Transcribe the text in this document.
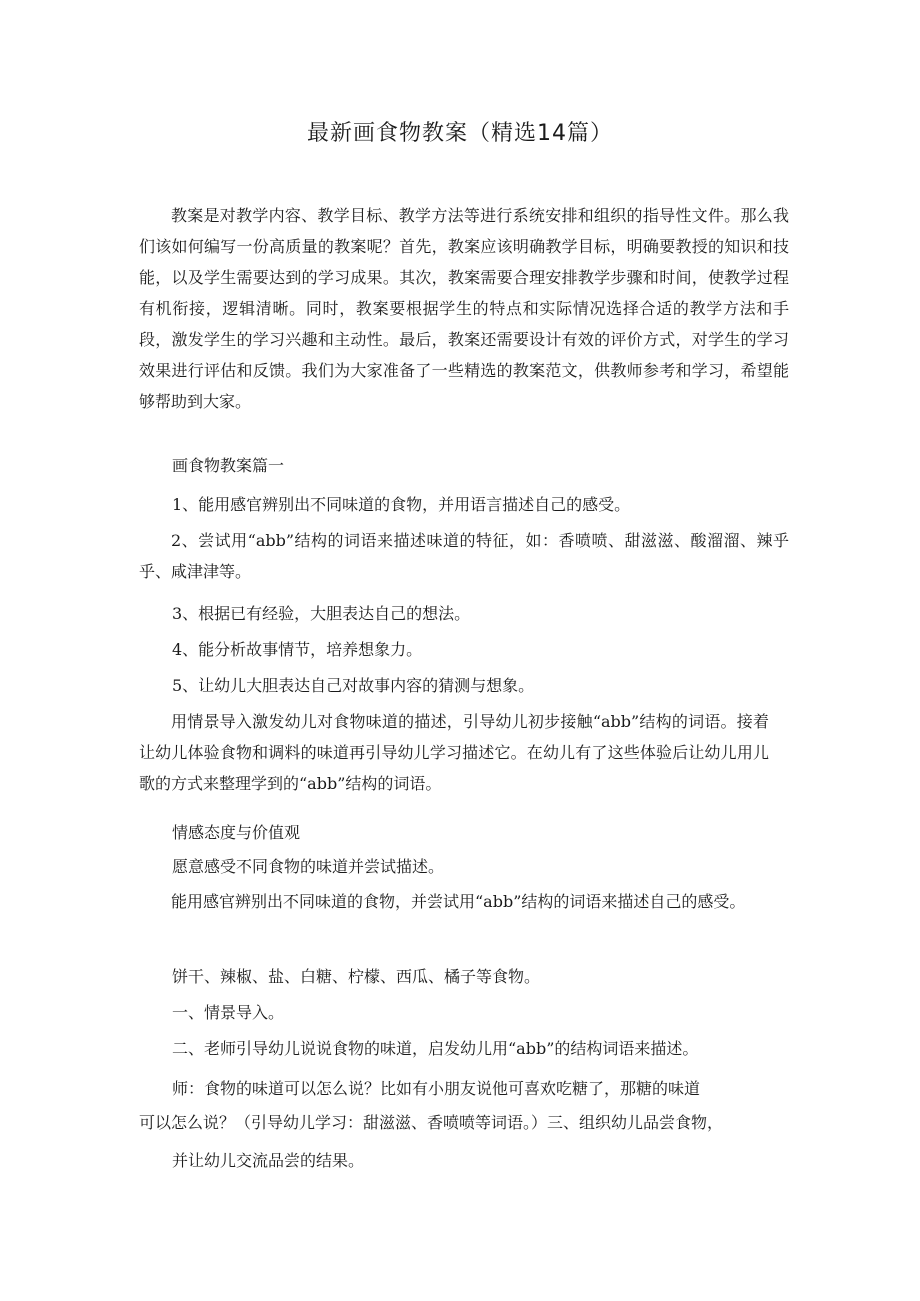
最新画食物教案（精选14篇）

教案是对教学内容、教学目标、教学方法等进行系统安排和组织的指导性文件。那么我们该如何编写一份高质量的教案呢？首先，教案应该明确教学目标，明确要教授的知识和技能，以及学生需要达到的学习成果。其次，教案需要合理安排教学步骤和时间，使教学过程有机衔接，逻辑清晰。同时，教案要根据学生的特点和实际情况选择合适的教学方法和手段，激发学生的学习兴趣和主动性。最后，教案还需要设计有效的评价方式，对学生的学习效果进行评估和反馈。我们为大家准备了一些精选的教案范文，供教师参考和学习，希望能够帮助到大家。

画食物教案篇一

1、能用感官辨别出不同味道的食物，并用语言描述自己的感受。

2、尝试用“abb”结构的词语来描述味道的特征，如：香喷喷、甜滋滋、酸溜溜、辣乎乎、咸津津等。

3、根据已有经验，大胆表达自己的想法。

4、能分析故事情节，培养想象力。

5、让幼儿大胆表达自己对故事内容的猜测与想象。

用情景导入激发幼儿对食物味道的描述，引导幼儿初步接触“abb”结构的词语。接着让幼儿体验食物和调料的味道再引导幼儿学习描述它。在幼儿有了这些体验后让幼儿用儿歌的方式来整理学到的“abb”结构的词语。

情感态度与价值观

愿意感受不同食物的味道并尝试描述。

能用感官辨别出不同味道的食物，并尝试用“abb”结构的词语来描述自己的感受。

饼干、辣椒、盐、白糖、柠檬、西瓜、橘子等食物。

一、情景导入。

二、老师引导幼儿说说食物的味道，启发幼儿用“abb”的结构词语来描述。

师：食物的味道可以怎么说？比如有小朋友说他可喜欢吃糖了，那糖的味道

可以怎么说？（引导幼儿学习：甜滋滋、香喷喷等词语。）三、组织幼儿品尝食物，

并让幼儿交流品尝的结果。
